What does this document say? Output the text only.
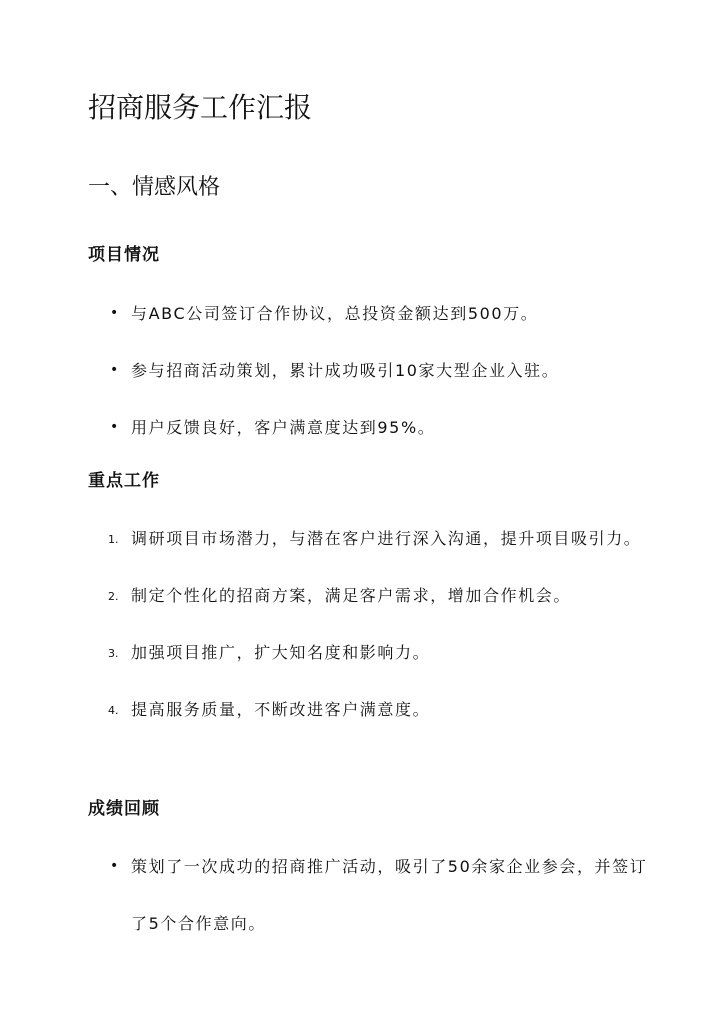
招商服务工作汇报
一、情感风格
项目情况
• 与ABC公司签订合作协议，总投资金额达到500万。
• 参与招商活动策划，累计成功吸引10家大型企业入驻。
• 用户反馈良好，客户满意度达到95%。
重点工作
1. 调研项目市场潜力，与潜在客户进行深入沟通，提升项目吸引力。
2. 制定个性化的招商方案，满足客户需求，增加合作机会。
3. 加强项目推广，扩大知名度和影响力。
4. 提高服务质量，不断改进客户满意度。
成绩回顾
• 策划了一次成功的招商推广活动，吸引了50余家企业参会，并签订了5个合作意向。
